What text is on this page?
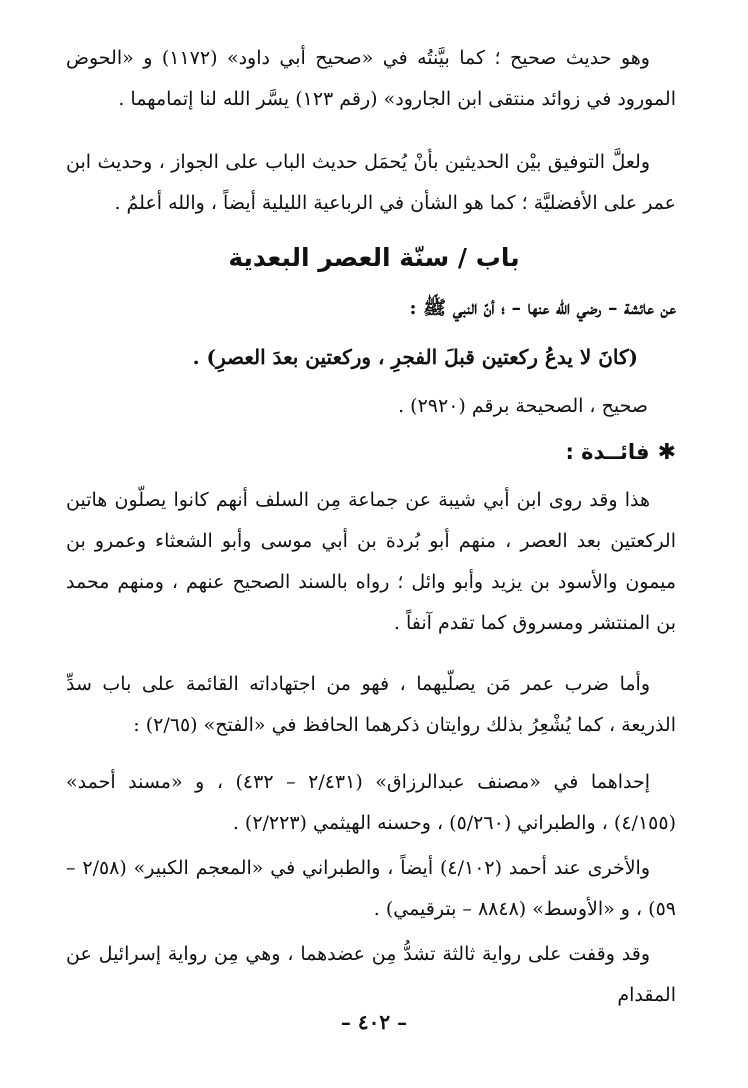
وهو حديث صحيح ؛ كما بيَّنتُه في «صحيح أبي داود» (١١٧٢) و «الحوض المورود في زوائد منتقى ابن الجارود» (رقم ١٢٣) يسَّر الله لنا إتمامهما .

ولعلَّ التوفيق بيْن الحديثين بأنْ يُحمَل حديث الباب على الجواز ، وحديث ابن عمر على الأفضليَّة ؛ كما هو الشأن في الرباعية الليلية أيضاً ، والله أعلمُ .

باب / سنّة العصر البعدية
عن عائشة – رضي الله عنها – ؛ أنّ النبي ﷺ :
(كانَ لا يدعُ ركعتين قبلَ الفجرِ ، وركعتين بعدَ العصرِ) .
صحيح ، الصحيحة برقم (٢٩٢٠) .
✱فائــدة :

هذا وقد روى ابن أبي شيبة عن جماعة مِن السلف أنهم كانوا يصلّون هاتين الركعتين بعد العصر ، منهم أبو بُردة بن أبي موسى وأبو الشعثاء وعمرو بن ميمون والأسود بن يزيد وأبو وائل ؛ رواه بالسند الصحيح عنهم ، ومنهم محمد بن المنتشر ومسروق كما تقدم آنفاً .

وأما ضرب عمر مَن يصلّيهما ، فهو من اجتهاداته القائمة على باب سدِّ الذريعة ، كما يُشْعِرُ بذلك روايتان ذكرهما الحافظ في «الفتح» (٢/٦٥) :

إحداهما في «مصنف عبدالرزاق» (٢/٤٣١ – ٤٣٢) ، و «مسند أحمد» (٤/١٥٥) ، والطبراني (٥/٢٦٠) ، وحسنه الهيثمي (٢/٢٢٣) .

والأخرى عند أحمد (٤/١٠٢) أيضاً ، والطبراني في «المعجم الكبير» (٢/٥٨ – ٥٩) ، و «الأوسط» (٨٨٤٨ – بترقيمي) .

وقد وقفت على رواية ثالثة تشدُّ مِن عضدهما ، وهي مِن رواية إسرائيل عن المقدام

– ٤٠٢ –
